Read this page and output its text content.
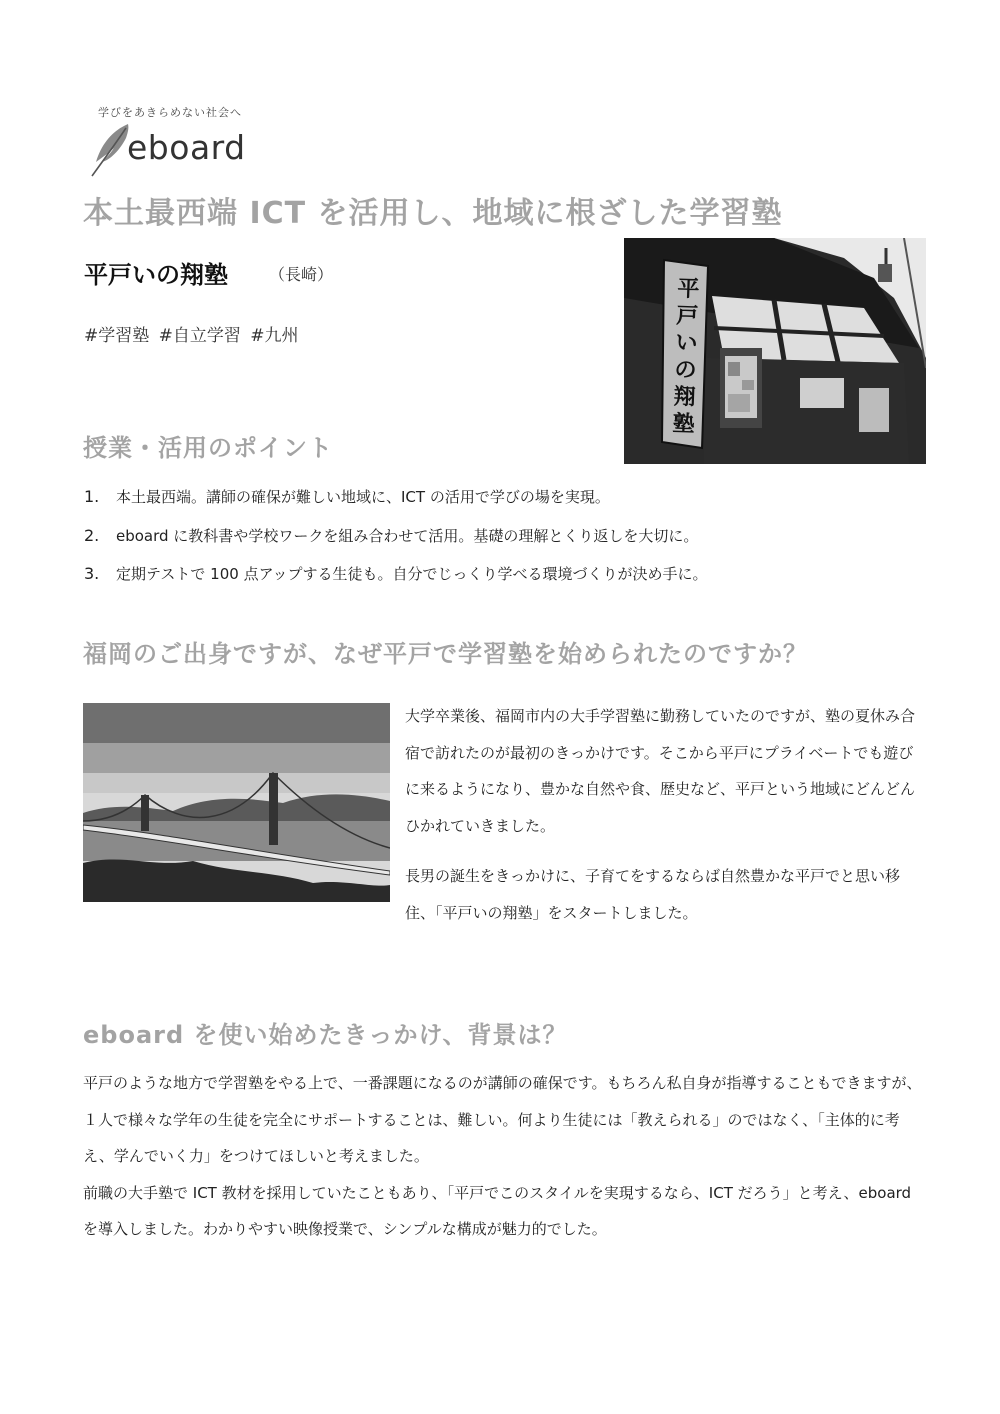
学びをあきらめない社会へ
eboard
本土最西端 ICT を活用し、地域に根ざした学習塾
平戸いの翔塾	（長崎）
#学習塾 #自立学習 #九州
平戸いの翔塾
授業・活用のポイント
1. 本土最西端。講師の確保が難しい地域に、ICT の活用で学びの場を実現。
2. eboard に教科書や学校ワークを組み合わせて活用。基礎の理解とくり返しを大切に。
3. 定期テストで 100 点アップする生徒も。自分でじっくり学べる環境づくりが決め手に。
福岡のご出身ですが、なぜ平戸で学習塾を始められたのですか？

大学卒業後、福岡市内の大手学習塾に勤務していたのですが、塾の夏休み合宿で訪れたのが最初のきっかけです。そこから平戸にプライベートでも遊びに来るようになり、豊かな自然や食、歴史など、平戸という地域にどんどんひかれていきました。

長男の誕生をきっかけに、子育てをするならば自然豊かな平戸でと思い移住、「平戸いの翔塾」をスタートしました。

eboard を使い始めたきっかけ、背景は？

平戸のような地方で学習塾をやる上で、一番課題になるのが講師の確保です。もちろん私自身が指導することもできますが、１人で様々な学年の生徒を完全にサポートすることは、難しい。何より生徒には「教えられる」のではなく、「主体的に考え、学んでいく力」をつけてほしいと考えました。

前職の大手塾で ICT 教材を採用していたこともあり、「平戸でこのスタイルを実現するなら、ICT だろう」と考え、eboard を導入しました。わかりやすい映像授業で、シンプルな構成が魅力的でした。
